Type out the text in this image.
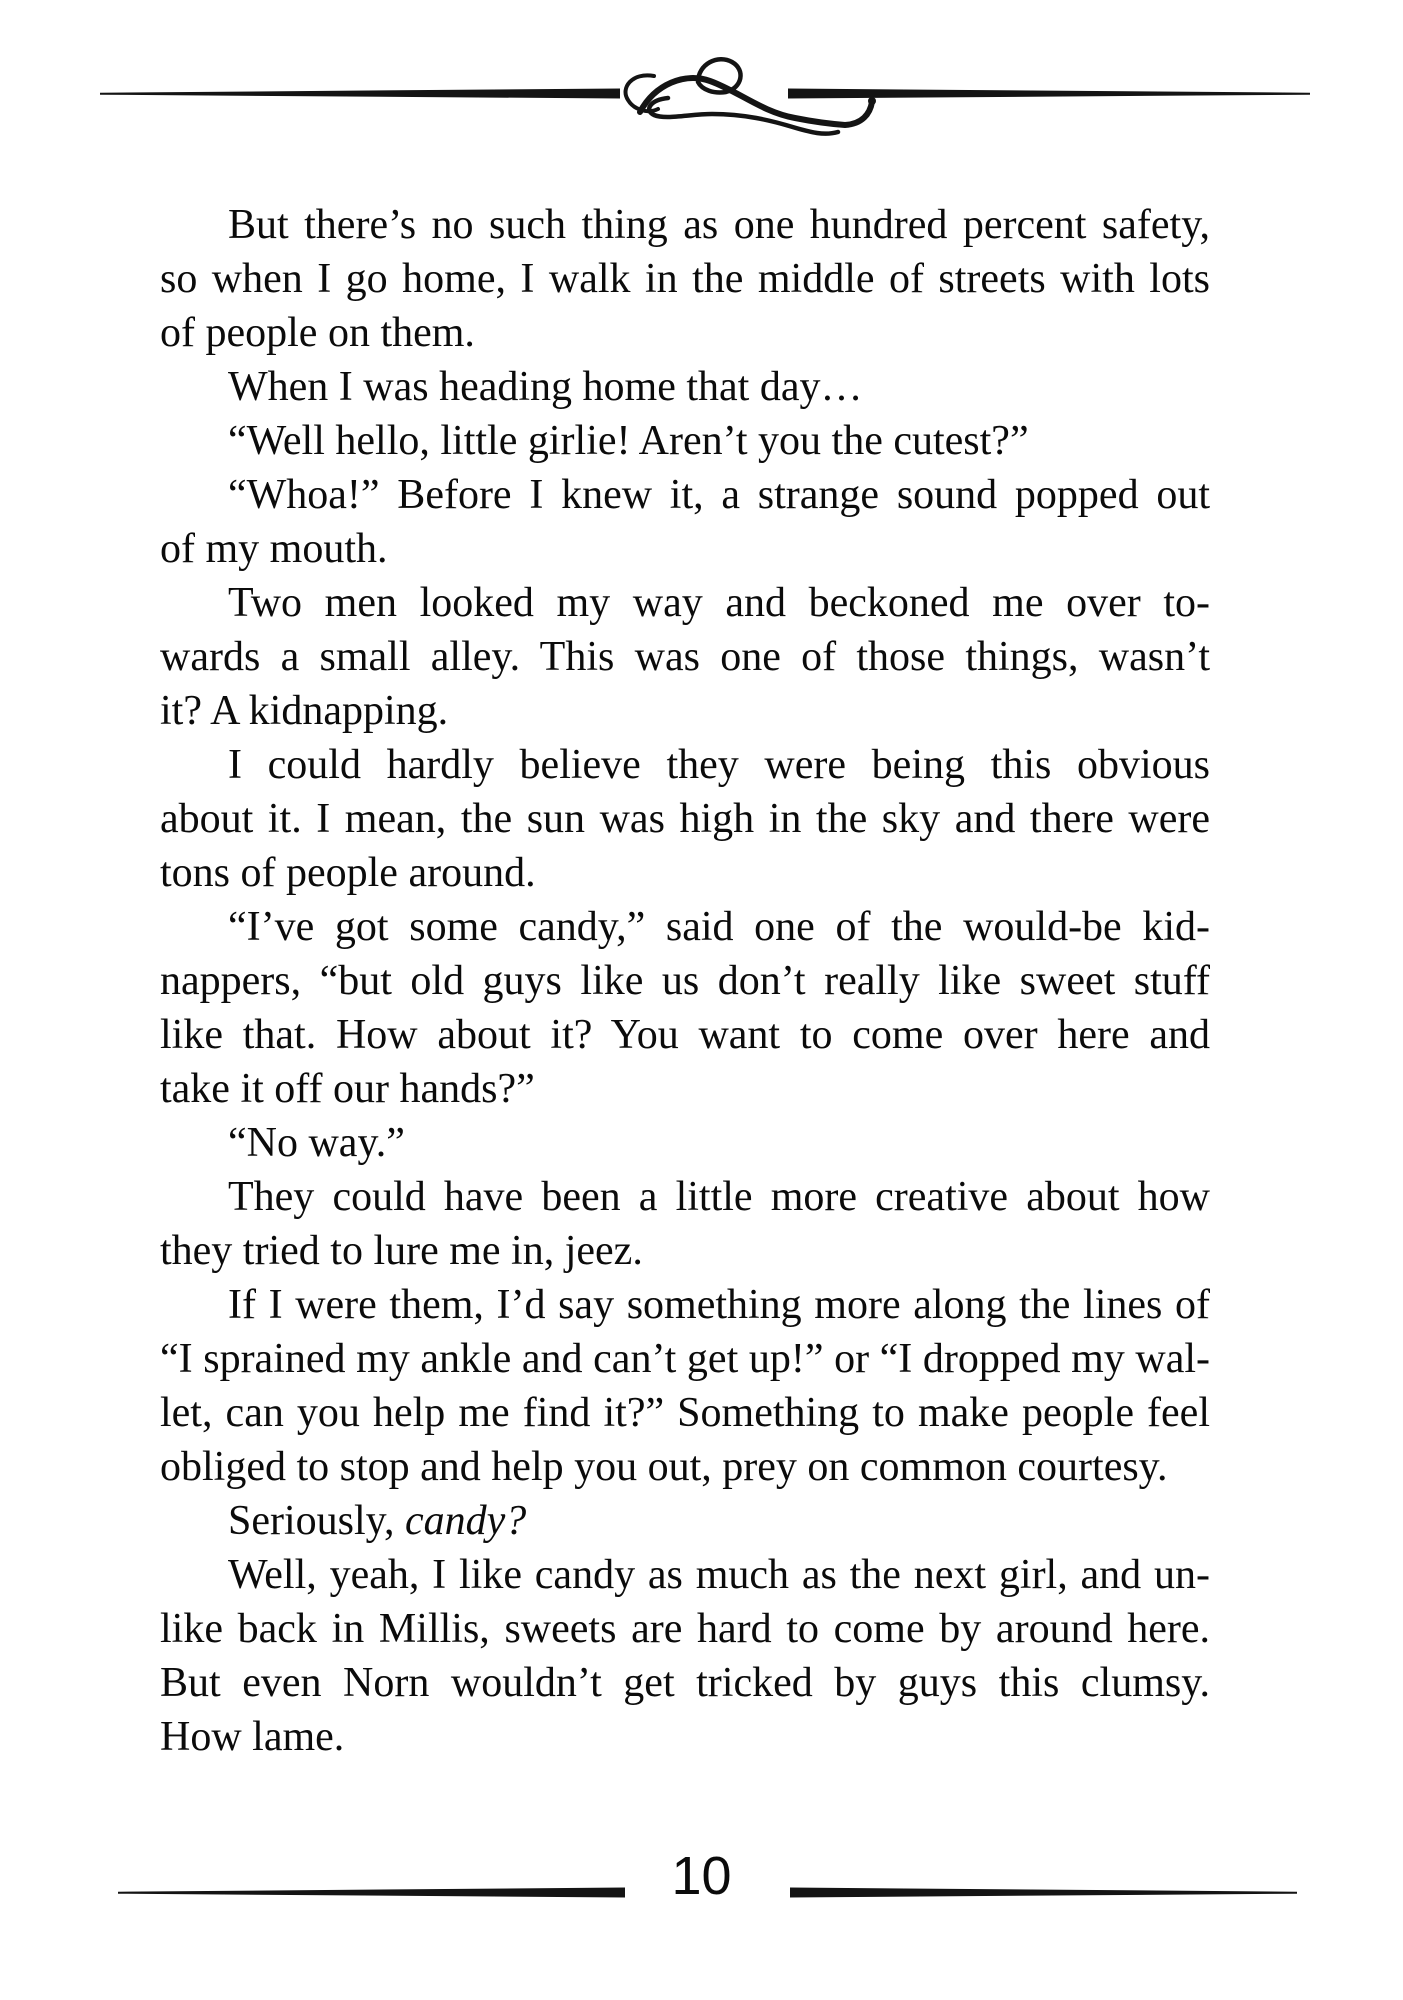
But there’s no such thing as one hundred percent safety,
so when I go home, I walk in the middle of streets with lots
of people on them.
When I was heading home that day…
“Well hello, little girlie! Aren’t you the cutest?”
“Whoa!” Before I knew it, a strange sound popped out
of my mouth.
Two men looked my way and beckoned me over to-
wards a small alley. This was one of those things, wasn’t
it? A kidnapping.
I could hardly believe they were being this obvious
about it. I mean, the sun was high in the sky and there were
tons of people around.
“I’ve got some candy,” said one of the would-be kid-
nappers, “but old guys like us don’t really like sweet stuff
like that. How about it? You want to come over here and
take it off our hands?”
“No way.”
They could have been a little more creative about how
they tried to lure me in, jeez.
If I were them, I’d say something more along the lines of
“I sprained my ankle and can’t get up!” or “I dropped my wal-
let, can you help me find it?” Something to make people feel
obliged to stop and help you out, prey on common courtesy.
Seriously, candy?
Well, yeah, I like candy as much as the next girl, and un-
like back in Millis, sweets are hard to come by around here.
But even Norn wouldn’t get tricked by guys this clumsy.
How lame.
10
